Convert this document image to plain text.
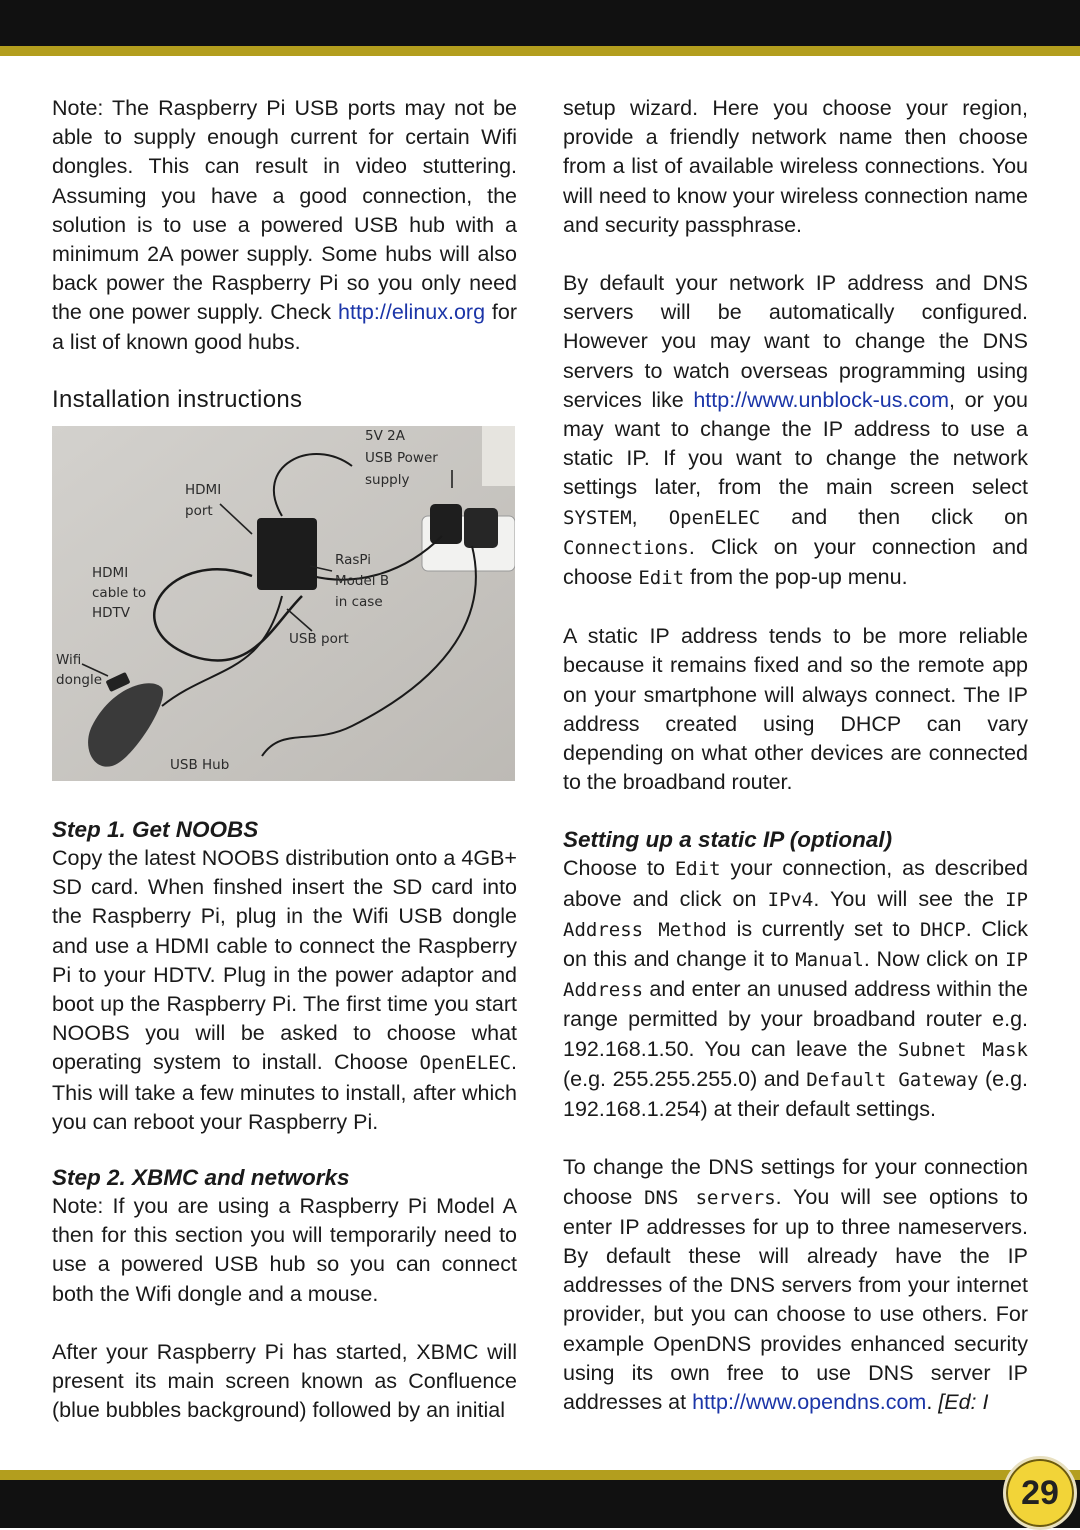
Note: The Raspberry Pi USB ports may not be able to supply enough current for certain Wifi dongles. This can result in video stuttering. Assuming you have a good connection, the solution is to use a powered USB hub with a minimum 2A power supply. Some hubs will also back power the Raspberry Pi so you only need the one power supply. Check http://elinux.org for a list of known good hubs.

Installation instructions
5V 2A
USB Power
supply
HDMI
port
HDMI
cable to
HDTV
RasPi
Model B
in case
USB port
Wifi
dongle
USB Hub

Step 1. Get NOOBS

Copy the latest NOOBS distribution onto a 4GB+ SD card. When finshed insert the SD card into the Raspberry Pi, plug in the Wifi USB dongle and use a HDMI cable to connect the Raspberry Pi to your HDTV. Plug in the power adaptor and boot up the Raspberry Pi. The first time you start NOOBS you will be asked to choose what operating system to install. Choose OpenELEC. This will take a few minutes to install, after which you can reboot your Raspberry Pi.

Step 2. XBMC and networks

Note: If you are using a Raspberry Pi Model A then for this section you will temporarily need to use a powered USB hub so you can connect both the Wifi dongle and a mouse.

After your Raspberry Pi has started, XBMC will present its main screen known as Confluence (blue bubbles background) followed by an initial

setup wizard. Here you choose your region, provide a friendly network name then choose from a list of available wireless connections. You will need to know your wireless connection name and security passphrase.

By default your network IP address and DNS servers will be automatically configured. However you may want to change the DNS servers to watch overseas programming using services like http://www.unblock-us.com, or you may want to change the IP address to use a static IP. If you want to change the network settings later, from the main screen select SYSTEM, OpenELEC and then click on Connections. Click on your connection and choose Edit from the pop-up menu.

A static IP address tends to be more reliable because it remains fixed and so the remote app on your smartphone will always connect. The IP address created using DHCP can vary depending on what other devices are connected to the broadband router.

Setting up a static IP (optional)

Choose to Edit your connection, as described above and click on IPv4. You will see the IP Address Method is currently set to DHCP. Click on this and change it to Manual. Now click on IP Address and enter an unused address within the range permitted by your broadband router e.g. 192.168.1.50. You can leave the Subnet Mask (e.g. 255.255.255.0) and Default Gateway (e.g. 192.168.1.254) at their default settings.

To change the DNS settings for your connection choose DNS servers. You will see options to enter IP addresses for up to three nameservers. By default these will already have the IP addresses of the DNS servers from your internet provider, but you can choose to use others. For example OpenDNS provides enhanced security using its own free to use DNS server IP addresses at http://www.opendns.com. [Ed: I

29
